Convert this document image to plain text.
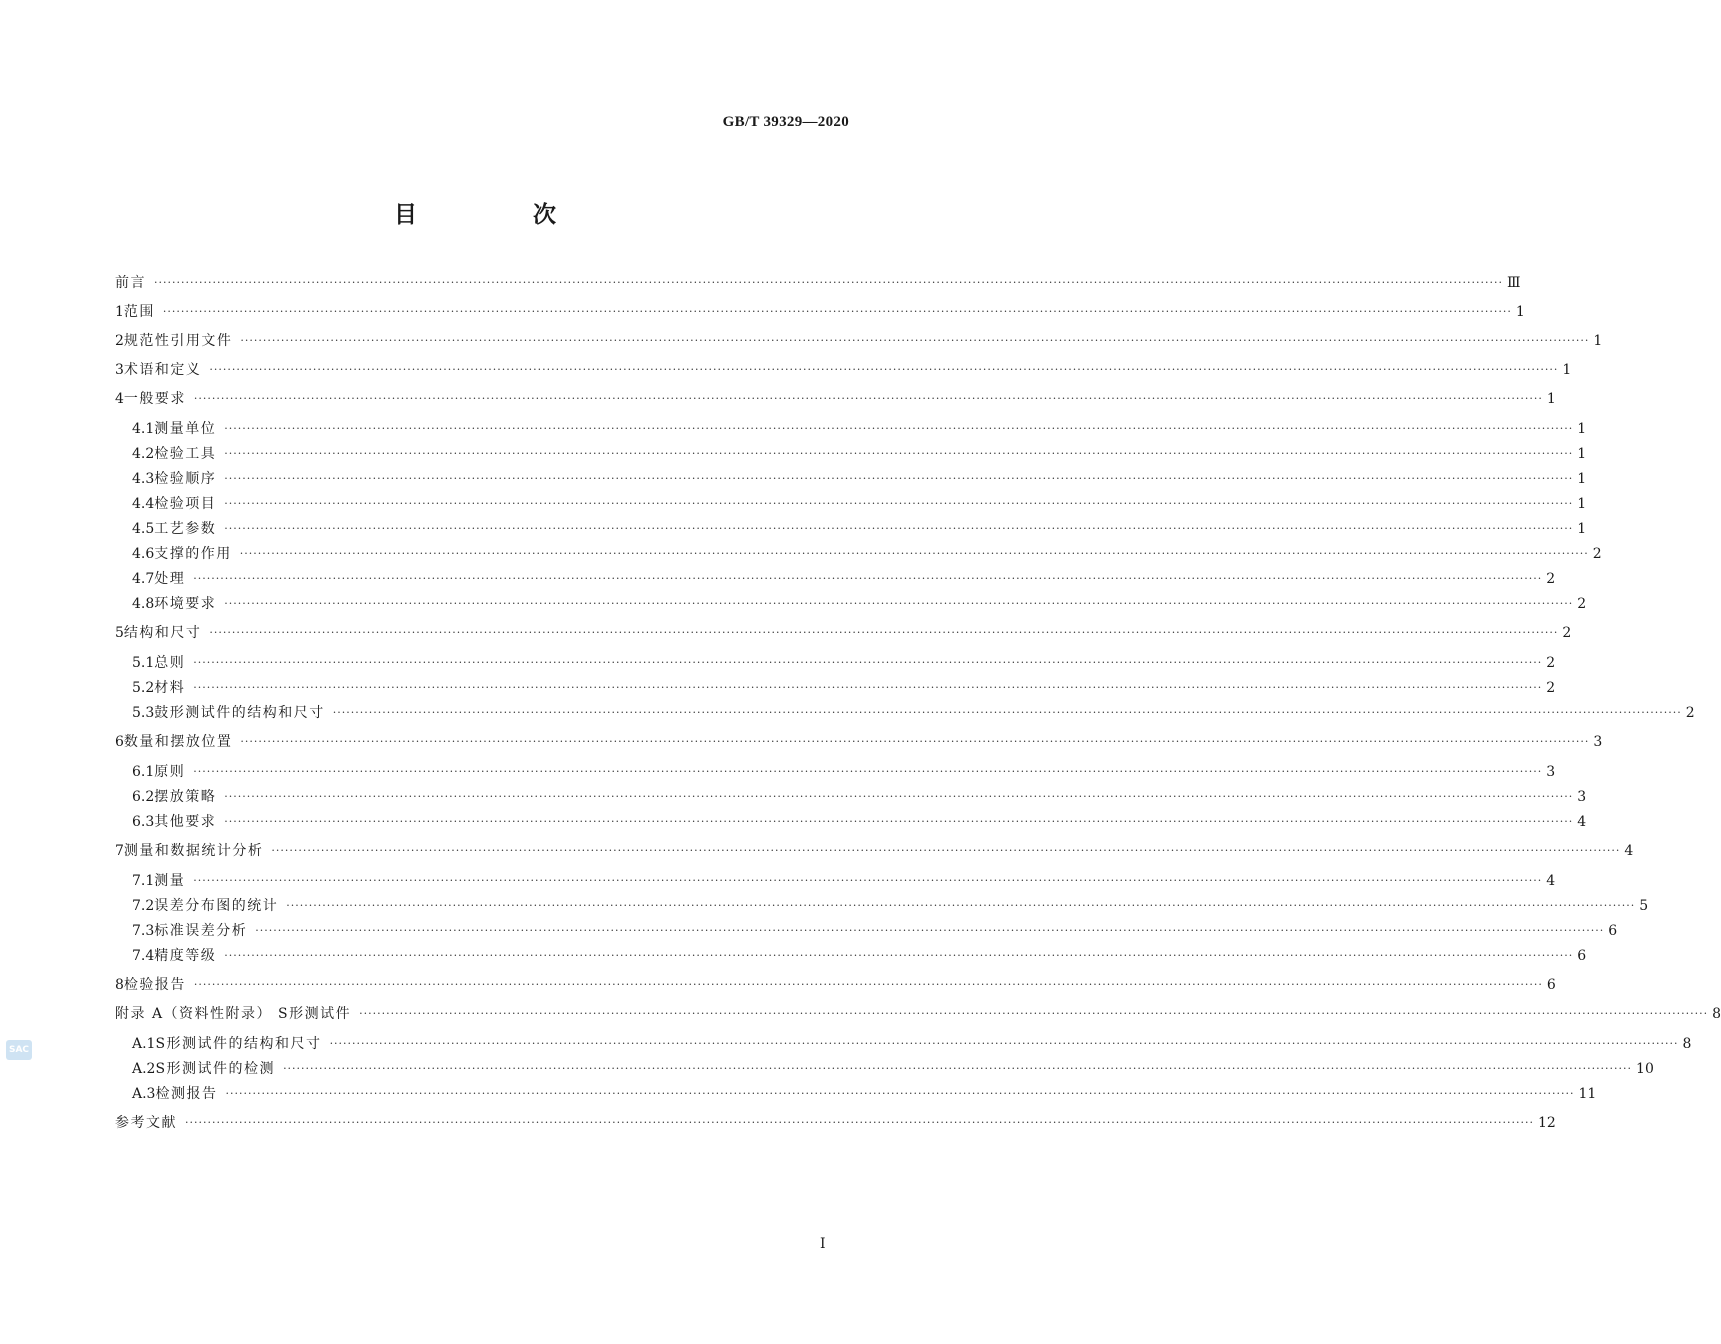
GB/T 39329—2020
目 次
前言 ············································································································································································································································································································ Ⅲ
1 范围 ············································································································································································································································································································ 1
2 规范性引用文件 ············································································································································································································································································································ 1
3 术语和定义 ············································································································································································································································································································ 1
4 一般要求 ············································································································································································································································································································ 1
4.1 测量单位 ············································································································································································································································································································ 1
4.2 检验工具 ············································································································································································································································································································ 1
4.3 检验顺序 ············································································································································································································································································································ 1
4.4 检验项目 ············································································································································································································································································································ 1
4.5 工艺参数 ············································································································································································································································································································ 1
4.6 支撑的作用 ············································································································································································································································································································ 2
4.7 处理 ············································································································································································································································································································ 2
4.8 环境要求 ············································································································································································································································································································ 2
5 结构和尺寸 ············································································································································································································································································································ 2
5.1 总则 ············································································································································································································································································································ 2
5.2 材料 ············································································································································································································································································································ 2
5.3 鼓形测试件的结构和尺寸 ············································································································································································································································································································ 2
6 数量和摆放位置 ············································································································································································································································································································ 3
6.1 原则 ············································································································································································································································································································ 3
6.2 摆放策略 ············································································································································································································································································································ 3
6.3 其他要求 ············································································································································································································································································································ 4
7 测量和数据统计分析 ············································································································································································································································································································ 4
7.1 测量 ············································································································································································································································································································ 4
7.2 误差分布图的统计 ············································································································································································································································································································ 5
7.3 标准误差分析 ············································································································································································································································································································ 6
7.4 精度等级 ············································································································································································································································································································ 6
8 检验报告 ············································································································································································································································································································ 6
附录 A（资料性附录） S形测试件 ············································································································································································································································································································ 8
A.1 S形测试件的结构和尺寸 ············································································································································································································································································································ 8
A.2 S形测试件的检测 ············································································································································································································································································································ 10
A.3 检测报告 ············································································································································································································································································································ 11
参考文献 ············································································································································································································································································································ 12
SAC
I
